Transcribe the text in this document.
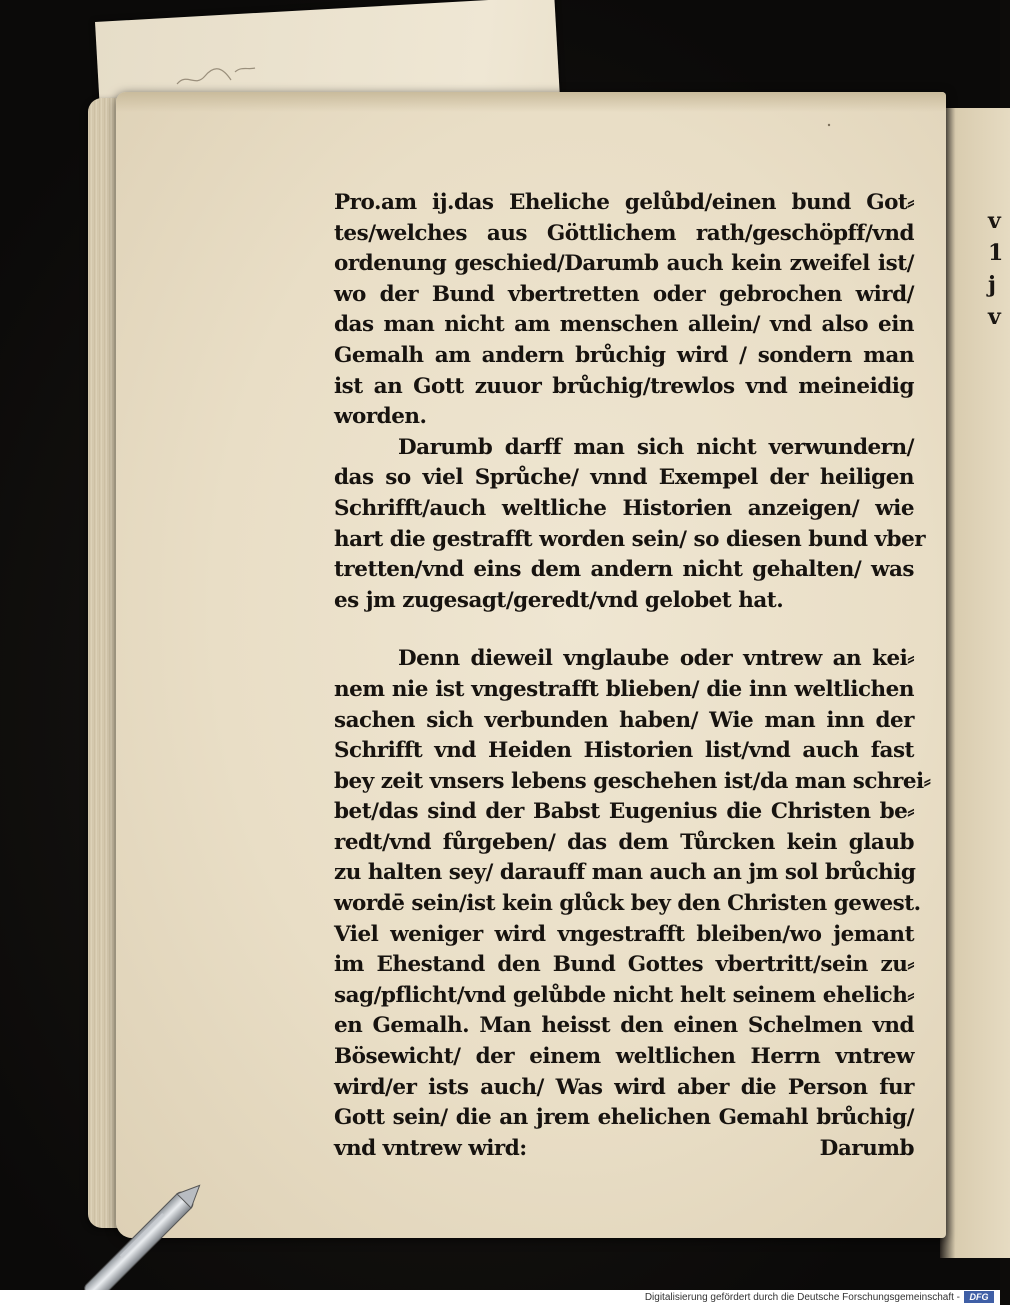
v
1
j
v

Pro.am ij.das Eheliche gelůbd/einen bund Got⸗
tes/welches aus Göttlichem rath/geschöpff/vnd
ordenung geschied/Darumb auch kein zweifel ist/
wo der Bund vbertretten oder gebrochen wird/
das man nicht am menschen allein/ vnd also ein
Gemalh am andern brůchig wird / sondern man
ist an Gott zuuor brůchig/trewlos vnd meineidig
worden.
Darumb darff man sich nicht verwundern/
das so viel Sprůche/ vnnd Exempel der heiligen
Schrifft/auch weltliche Historien anzeigen/ wie
hart die gestrafft worden sein/ so diesen bund vber
tretten/vnd eins dem andern nicht gehalten/ was
es jm zugesagt/geredt/vnd gelobet hat.
Denn dieweil vnglaube oder vntrew an kei⸗
nem nie ist vngestrafft blieben/ die inn weltlichen
sachen sich verbunden haben/ Wie man inn der
Schrifft vnd Heiden Historien list/vnd auch fast
bey zeit vnsers lebens geschehen ist/da man schrei⸗
bet/das sind der Babst Eugenius die Christen be⸗
redt/vnd fůrgeben/ das dem Tůrcken kein glaub
zu halten sey/ darauff man auch an jm sol brůchig
wordē sein/ist kein glůck bey den Christen gewest.
Viel weniger wird vngestrafft bleiben/wo jemant
im Ehestand den Bund Gottes vbertritt/sein zu⸗
sag/pflicht/vnd gelůbde nicht helt seinem ehelich⸗
en Gemalh. Man heisst den einen Schelmen vnd
Bösewicht/ der einem weltlichen Herrn vntrew
wird/er ists auch/ Was wird aber die Person fur
Gott sein/ die an jrem ehelichen Gemahl brůchig/
vnd vntrew wird:	Darumb
Digitalisierung gefördert durch die Deutsche Forschungsgemeinschaft -	DFG
